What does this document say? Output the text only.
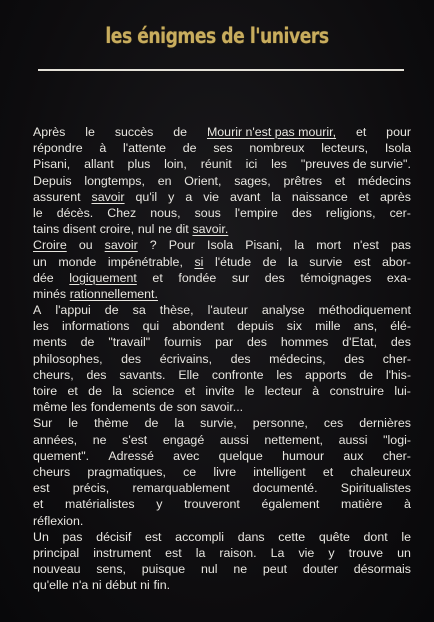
les énigmes de l'univers
Après le succès de Mourir n'est pas mourir, et pour
répondre à l'attente de ses nombreux lecteurs, Isola
Pisani, allant plus loin, réunit ici les "preuves de survie".
Depuis longtemps, en Orient, sages, prêtres et médecins
assurent savoir qu'il y a vie avant la naissance et après
le décès. Chez nous, sous l'empire des religions, cer-
tains disent croire, nul ne dit savoir.
Croire ou savoir ? Pour Isola Pisani, la mort n'est pas
un monde impénétrable, si l'étude de la survie est abor-
dée logiquement et fondée sur des témoignages exa-
minés rationnellement.
A l'appui de sa thèse, l'auteur analyse méthodiquement
les informations qui abondent depuis six mille ans, élé-
ments de "travail" fournis par des hommes d'Etat, des
philosophes, des écrivains, des médecins, des cher-
cheurs, des savants. Elle confronte les apports de l'his-
toire et de la science et invite le lecteur à construire lui-
même les fondements de son savoir...
Sur le thème de la survie, personne, ces dernières
années, ne s'est engagé aussi nettement, aussi "logi-
quement". Adressé avec quelque humour aux cher-
cheurs pragmatiques, ce livre intelligent et chaleureux
est précis, remarquablement documenté. Spiritualistes
et matérialistes y trouveront également matière à
réflexion.
Un pas décisif est accompli dans cette quête dont le
principal instrument est la raison. La vie y trouve un
nouveau sens, puisque nul ne peut douter désormais
qu'elle n'a ni début ni fin.
